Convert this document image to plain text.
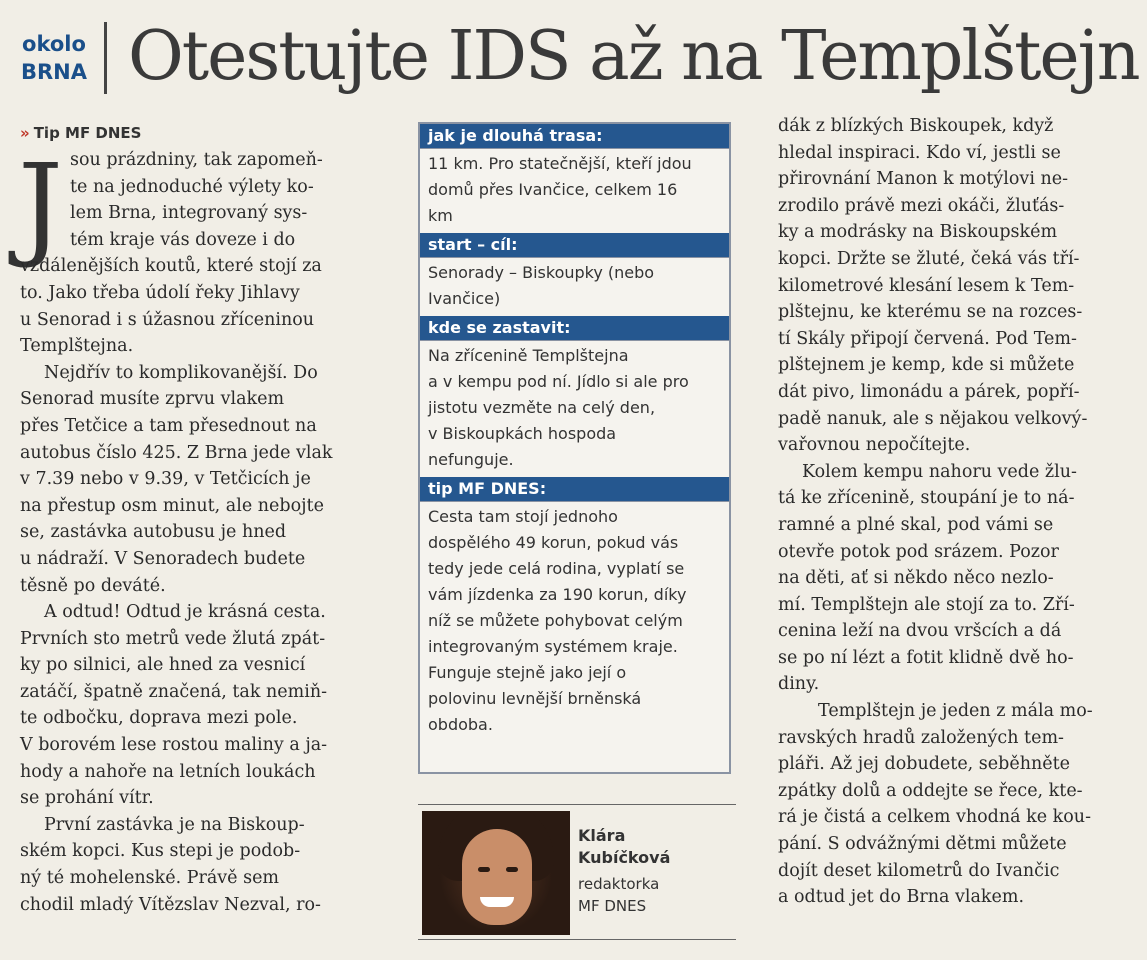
okolo
BRNA Otestujte IDS až na Templštejn
» Tip MF DNES
J sou prázdniny, tak zapomeň-
te na jednoduché výlety ko-
lem Brna, integrovaný sys-
tém kraje vás doveze i do
vzdálenějších koutů, které stojí za
to. Jako třeba údolí řeky Jihlavy
u Senorad i s úžasnou zříceninou
Templštejna.
Nejdřív to komplikovanější. Do
Senorad musíte zprvu vlakem
přes Tetčice a tam přesednout na
autobus číslo 425. Z Brna jede vlak
v 7.39 nebo v 9.39, v Tetčicích je
na přestup osm minut, ale nebojte
se, zastávka autobusu je hned
u nádraží. V Senoradech budete
těsně po deváté.
A odtud! Odtud je krásná cesta.
Prvních sto metrů vede žlutá zpát-
ky po silnici, ale hned za vesnicí
zatáčí, špatně značená, tak nemiň-
te odbočku, doprava mezi pole.
V borovém lese rostou maliny a ja-
hody a nahoře na letních loukách
se prohání vítr.
První zastávka je na Biskoup-
ském kopci. Kus stepi je podob-
ný té mohelenské. Právě sem
chodil mladý Vítězslav Nezval, ro-
dák z blízkých Biskoupek, když
hledal inspiraci. Kdo ví, jestli se
přirovnání Manon k motýlovi ne-
zrodilo právě mezi okáči, žluťás-
ky a modrásky na Biskoupském
kopci. Držte se žluté, čeká vás tří-
kilometrové klesání lesem k Tem-
plštejnu, ke kterému se na rozces-
tí Skály připojí červená. Pod Tem-
plštejnem je kemp, kde si můžete
dát pivo, limonádu a párek, popří-
padě nanuk, ale s nějakou velkový-
vařovnou nepočítejte.
Kolem kempu nahoru vede žlu-
tá ke zřícenině, stoupání je to ná-
ramné a plné skal, pod vámi se
otevře potok pod srázem. Pozor
na děti, ať si někdo něco nezlo-
mí. Templštejn ale stojí za to. Zří-
cenina leží na dvou vršcích a dá
se po ní lézt a fotit klidně dvě ho-
diny.
Templštejn je jeden z mála mo-
ravských hradů založených tem-
pláři. Až jej dobudete, seběhněte
zpátky dolů a oddejte se řece, kte-
rá je čistá a celkem vhodná ke kou-
pání. S odvážnými dětmi můžete
dojít deset kilometrů do Ivančic
a odtud jet do Brna vlakem.
jak je dlouhá trasa:
11 km. Pro statečnější, kteří jdou
domů přes Ivančice, celkem 16
km
start – cíl:
Senorady – Biskoupky (nebo
Ivančice)
kde se zastavit:
Na zřícenině Templštejna
a v kempu pod ní. Jídlo si ale pro
jistotu vezměte na celý den,
v Biskoupkách hospoda
nefunguje.
tip MF DNES:
Cesta tam stojí jednoho
dospělého 49 korun, pokud vás
tedy jede celá rodina, vyplatí se
vám jízdenka za 190 korun, díky
níž se můžete pohybovat celým
integrovaným systémem kraje.
Funguje stejně jako její o
polovinu levnější brněnská
obdoba.
Klára
Kubíčková
redaktorka
MF DNES
